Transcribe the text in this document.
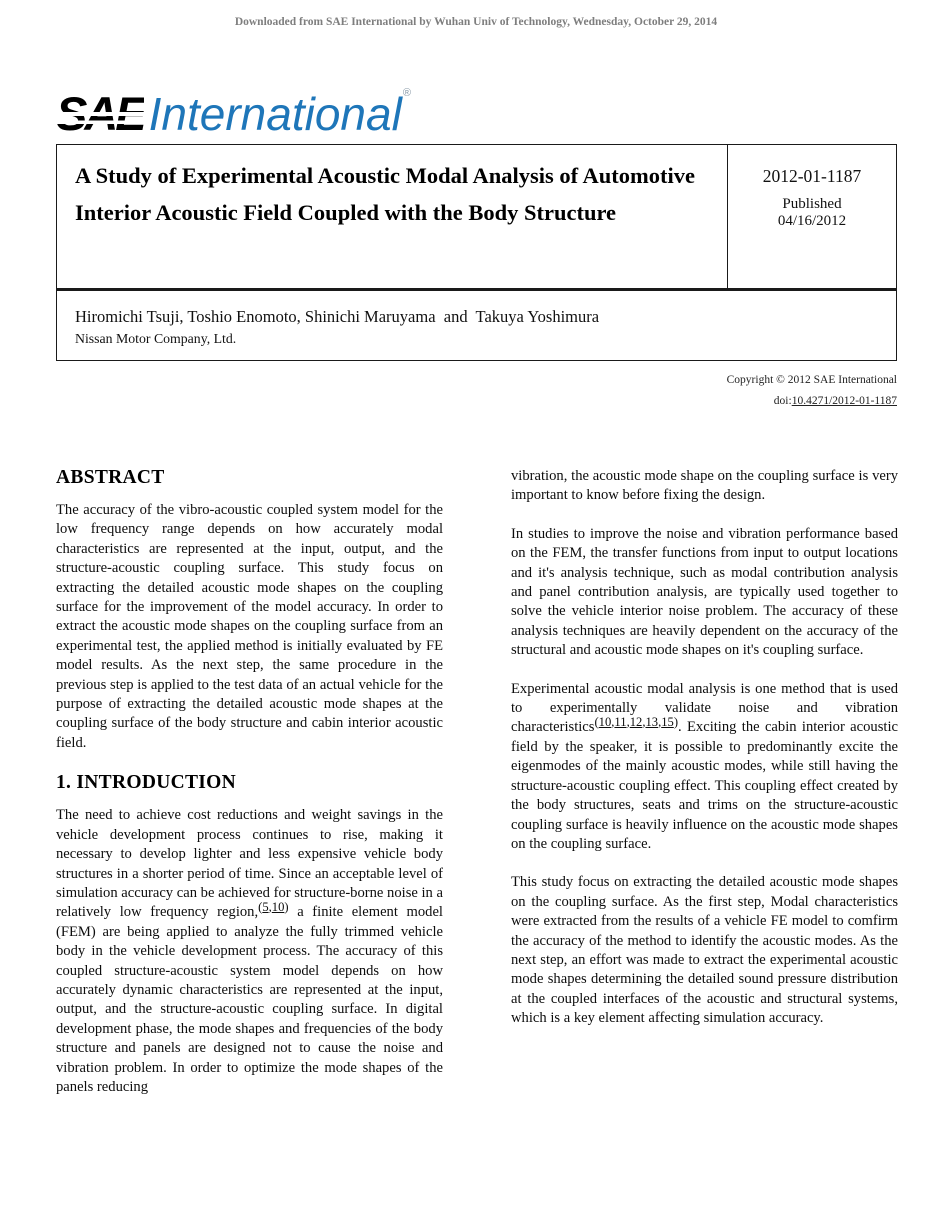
Downloaded from SAE International by Wuhan Univ of Technology, Wednesday, October 29, 2014
SAE International®
A Study of Experimental Acoustic Modal Analysis of Automotive Interior Acoustic Field Coupled with the Body Structure
2012-01-1187
Published
04/16/2012
Hiromichi Tsuji, Toshio Enomoto, Shinichi Maruyama  and  Takuya Yoshimura
Nissan Motor Company, Ltd.
Copyright © 2012 SAE International
doi:10.4271/2012-01-1187
ABSTRACT

The accuracy of the vibro-acoustic coupled system model for the low frequency range depends on how accurately modal characteristics are represented at the input, output, and the structure-acoustic coupling surface. This study focus on extracting the detailed acoustic mode shapes on the coupling surface for the improvement of the model accuracy. In order to extract the acoustic mode shapes on the coupling surface from an experimental test, the applied method is initially evaluated by FE model results. As the next step, the same procedure in the previous step is applied to the test data of an actual vehicle for the purpose of extracting the detailed acoustic mode shapes at the coupling surface of the body structure and cabin interior acoustic field.

1. INTRODUCTION

The need to achieve cost reductions and weight savings in the vehicle development process continues to rise, making it necessary to develop lighter and less expensive vehicle body structures in a shorter period of time. Since an acceptable level of simulation accuracy can be achieved for structure-borne noise in a relatively low frequency region,$^{(5,10)}$ a finite element model (FEM) are being applied to analyze the fully trimmed vehicle body in the vehicle development process. The accuracy of this coupled structure-acoustic system model depends on how accurately dynamic characteristics are represented at the input, output, and the structure-acoustic coupling surface. In digital development phase, the mode shapes and frequencies of the body structure and panels are designed not to cause the noise and vibration problem. In order to optimize the mode shapes of the panels reducing

vibration, the acoustic mode shape on the coupling surface is very important to know before fixing the design.

In studies to improve the noise and vibration performance based on the FEM, the transfer functions from input to output locations and it's analysis technique, such as modal contribution analysis and panel contribution analysis, are typically used together to solve the vehicle interior noise problem. The accuracy of these analysis techniques are heavily dependent on the accuracy of the structural and acoustic mode shapes on it's coupling surface.

Experimental acoustic modal analysis is one method that is used to experimentally validate noise and vibration characteristics$^{(10,11,12,13,15)}$. Exciting the cabin interior acoustic field by the speaker, it is possible to predominantly excite the eigenmodes of the mainly acoustic modes, while still having the structure-acoustic coupling effect. This coupling effect created by the body structures, seats and trims on the structure-acoustic coupling surface is heavily influence on the acoustic mode shapes on the coupling surface.

This study focus on extracting the detailed acoustic mode shapes on the coupling surface. As the first step, Modal characteristics were extracted from the results of a vehicle FE model to comfirm the accuracy of the method to identify the acoustic modes. As the next step, an effort was made to extract the experimental acoustic mode shapes determining the detailed sound pressure distribution at the coupled interfaces of the acoustic and structural systems, which is a key element affecting simulation accuracy.
